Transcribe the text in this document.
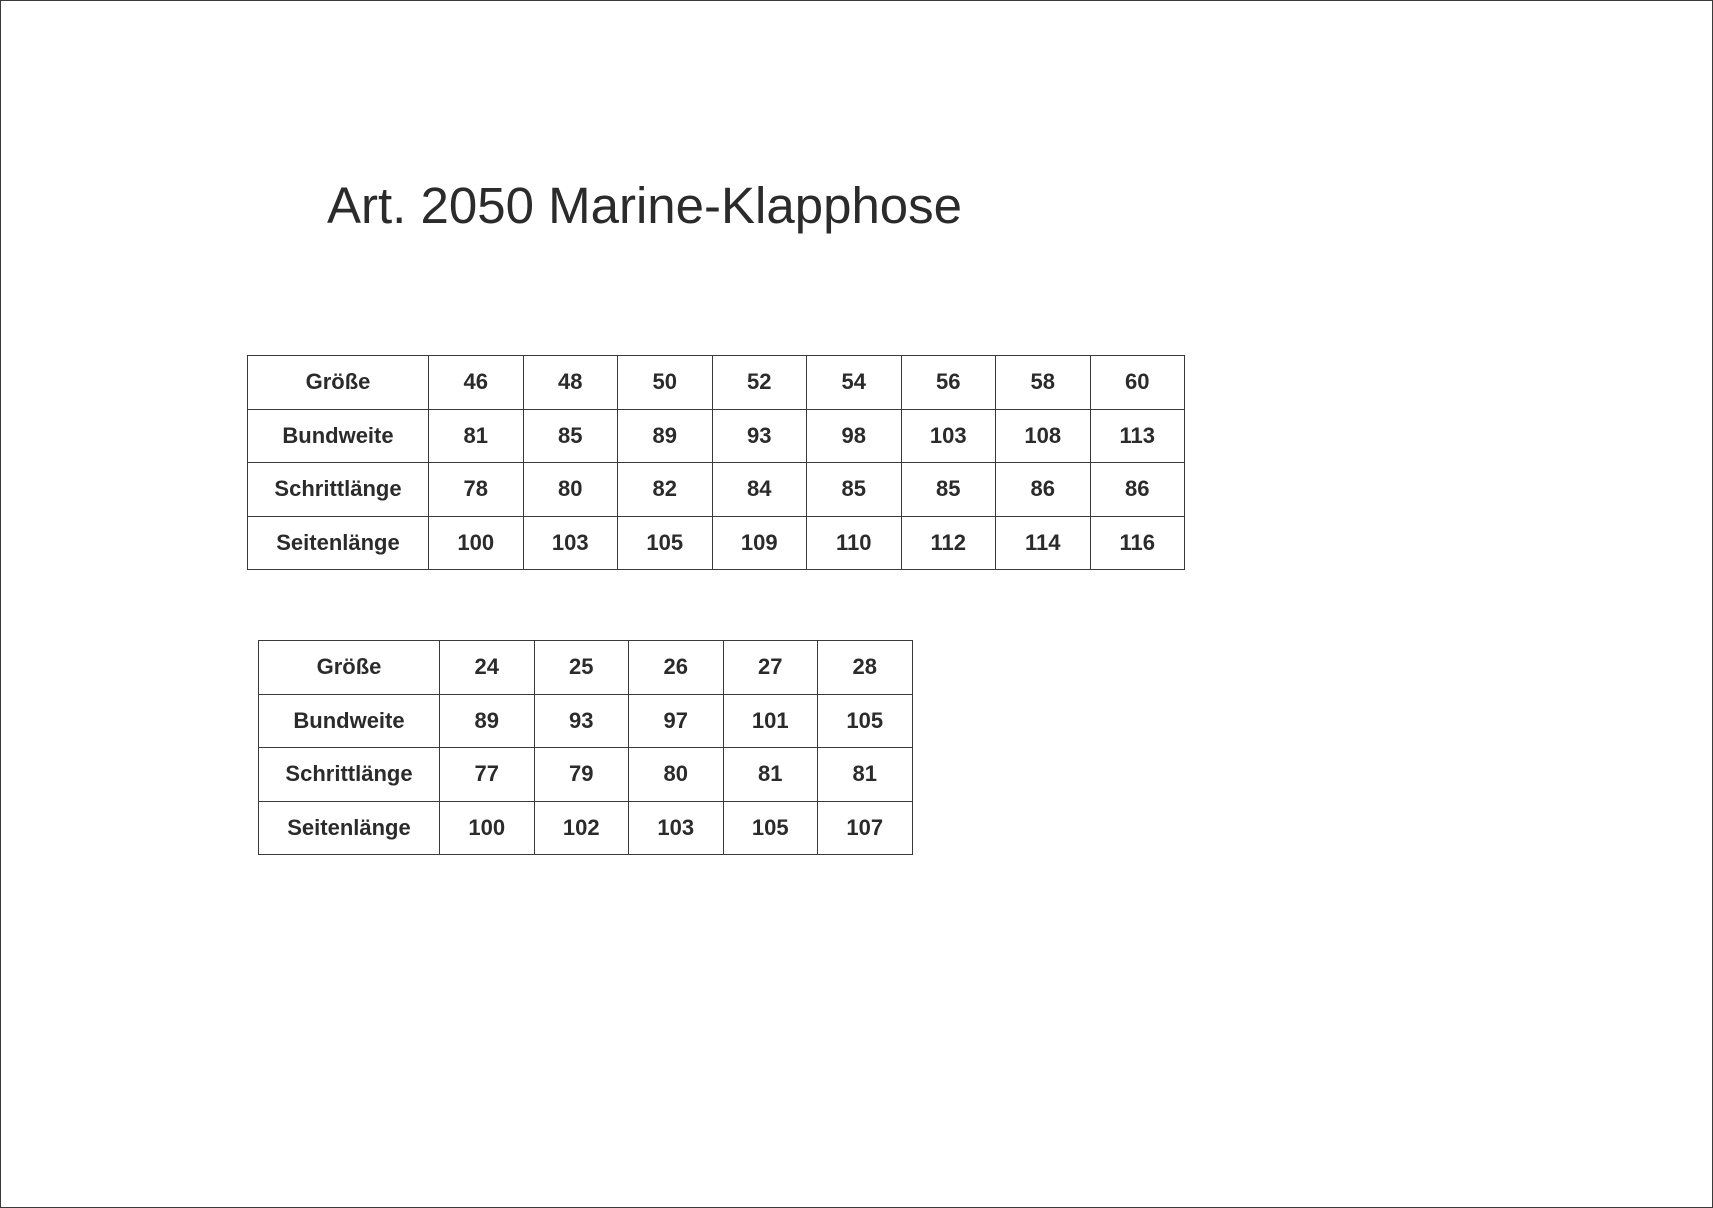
Art. 2050 Marine-Klapphose
Größe	46	48	50	52	54	56	58	60
Bundweite	81	85	89	93	98	103	108	113
Schrittlänge	78	80	82	84	85	85	86	86
Seitenlänge	100	103	105	109	110	112	114	116
Größe	24	25	26	27	28
Bundweite	89	93	97	101	105
Schrittlänge	77	79	80	81	81
Seitenlänge	100	102	103	105	107
